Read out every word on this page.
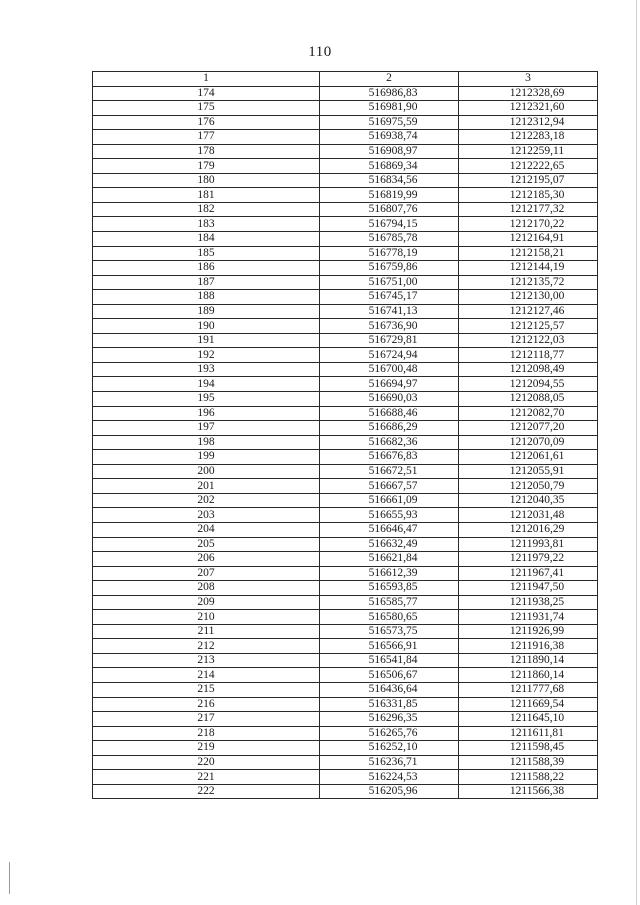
110
1	2	3
174	516986,83	1212328,69
175	516981,90	1212321,60
176	516975,59	1212312,94
177	516938,74	1212283,18
178	516908,97	1212259,11
179	516869,34	1212222,65
180	516834,56	1212195,07
181	516819,99	1212185,30
182	516807,76	1212177,32
183	516794,15	1212170,22
184	516785,78	1212164,91
185	516778,19	1212158,21
186	516759,86	1212144,19
187	516751,00	1212135,72
188	516745,17	1212130,00
189	516741,13	1212127,46
190	516736,90	1212125,57
191	516729,81	1212122,03
192	516724,94	1212118,77
193	516700,48	1212098,49
194	516694,97	1212094,55
195	516690,03	1212088,05
196	516688,46	1212082,70
197	516686,29	1212077,20
198	516682,36	1212070,09
199	516676,83	1212061,61
200	516672,51	1212055,91
201	516667,57	1212050,79
202	516661,09	1212040,35
203	516655,93	1212031,48
204	516646,47	1212016,29
205	516632,49	1211993,81
206	516621,84	1211979,22
207	516612,39	1211967,41
208	516593,85	1211947,50
209	516585,77	1211938,25
210	516580,65	1211931,74
211	516573,75	1211926,99
212	516566,91	1211916,38
213	516541,84	1211890,14
214	516506,67	1211860,14
215	516436,64	1211777,68
216	516331,85	1211669,54
217	516296,35	1211645,10
218	516265,76	1211611,81
219	516252,10	1211598,45
220	516236,71	1211588,39
221	516224,53	1211588,22
222	516205,96	1211566,38
